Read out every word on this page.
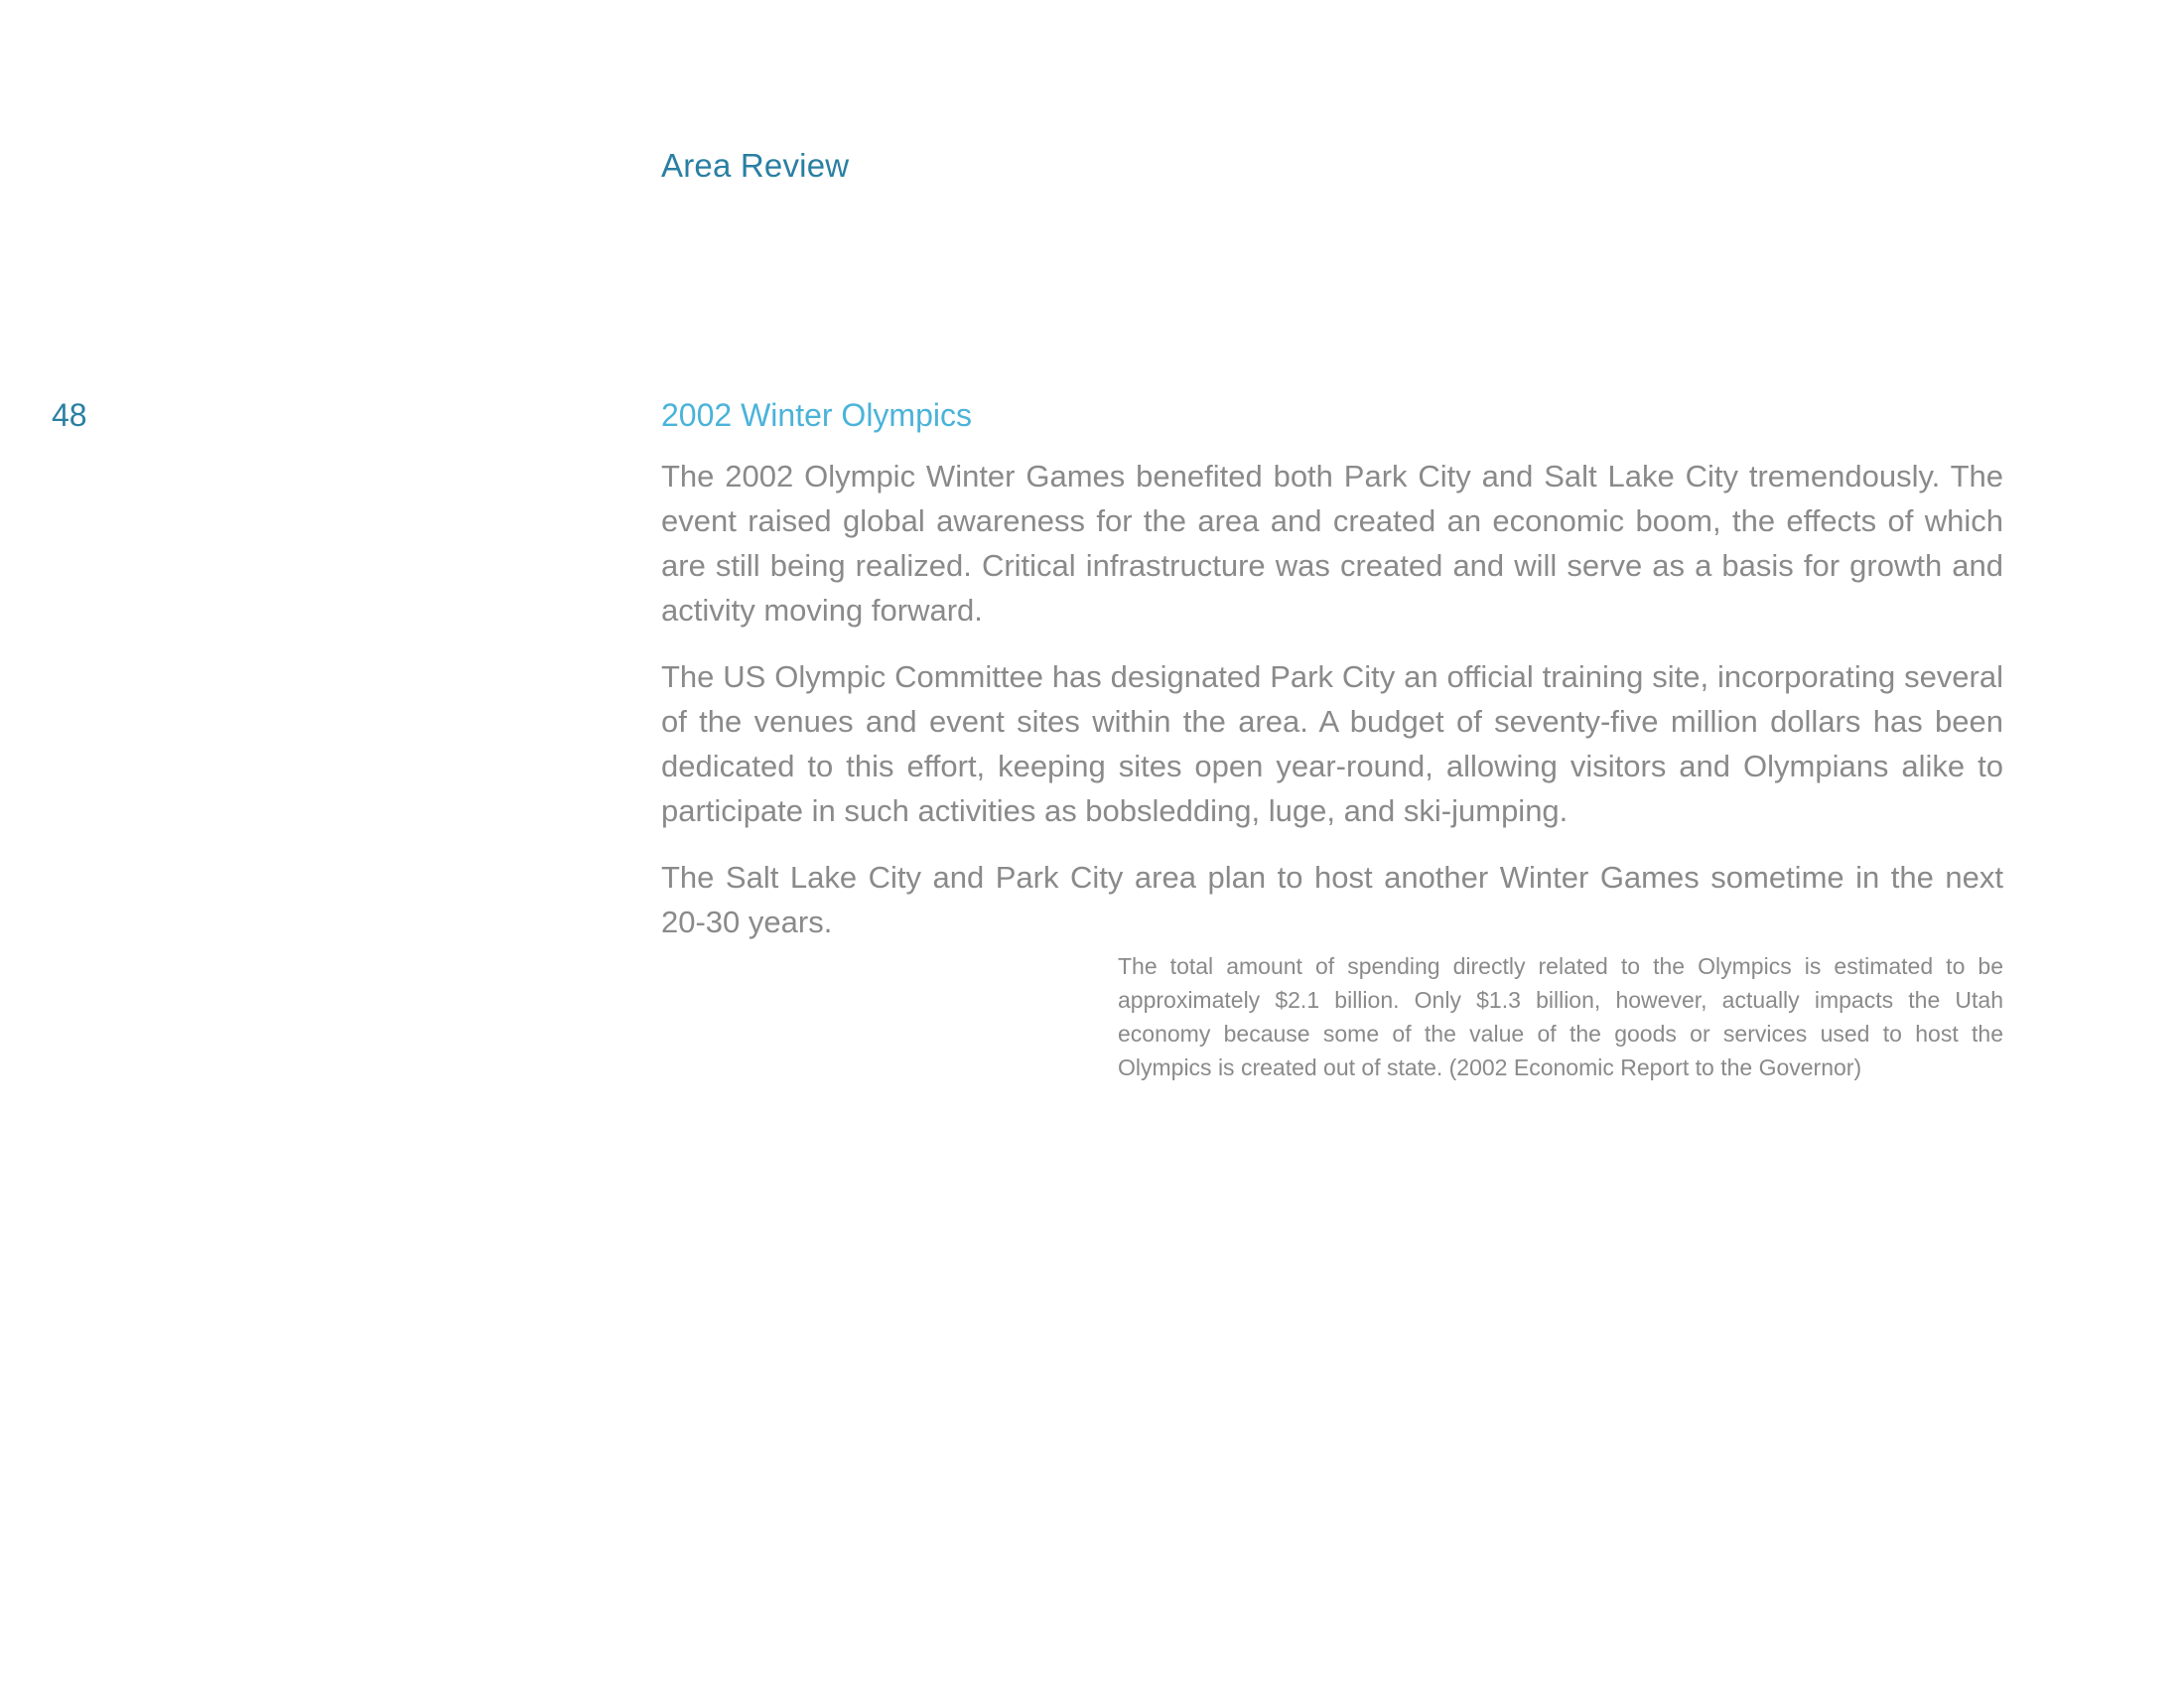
Area Review
48	2002 Winter Olympics

The 2002 Olympic Winter Games benefited both Park City and Salt Lake City tremendously. The event raised global awareness for the area and created an economic boom, the effects of which are still being realized. Critical infrastructure was created and will serve as a basis for growth and activity moving forward.

The US Olympic Committee has designated Park City an official training site, incorporating several of the venues and event sites within the area. A budget of seventy-five million dollars has been dedicated to this effort, keeping sites open year-round, allowing visitors and Olympians alike to participate in such activities as bobsledding, luge, and ski-jumping.

The Salt Lake City and Park City area plan to host another Winter Games sometime in the next 20-30 years.

The total amount of spending directly related to the Olympics is estimated to be approximately $2.1 billion. Only $1.3 billion, however, actually impacts the Utah economy because some of the value of the goods or services used to host the Olympics is created out of state. (2002 Economic Report to the Governor)
